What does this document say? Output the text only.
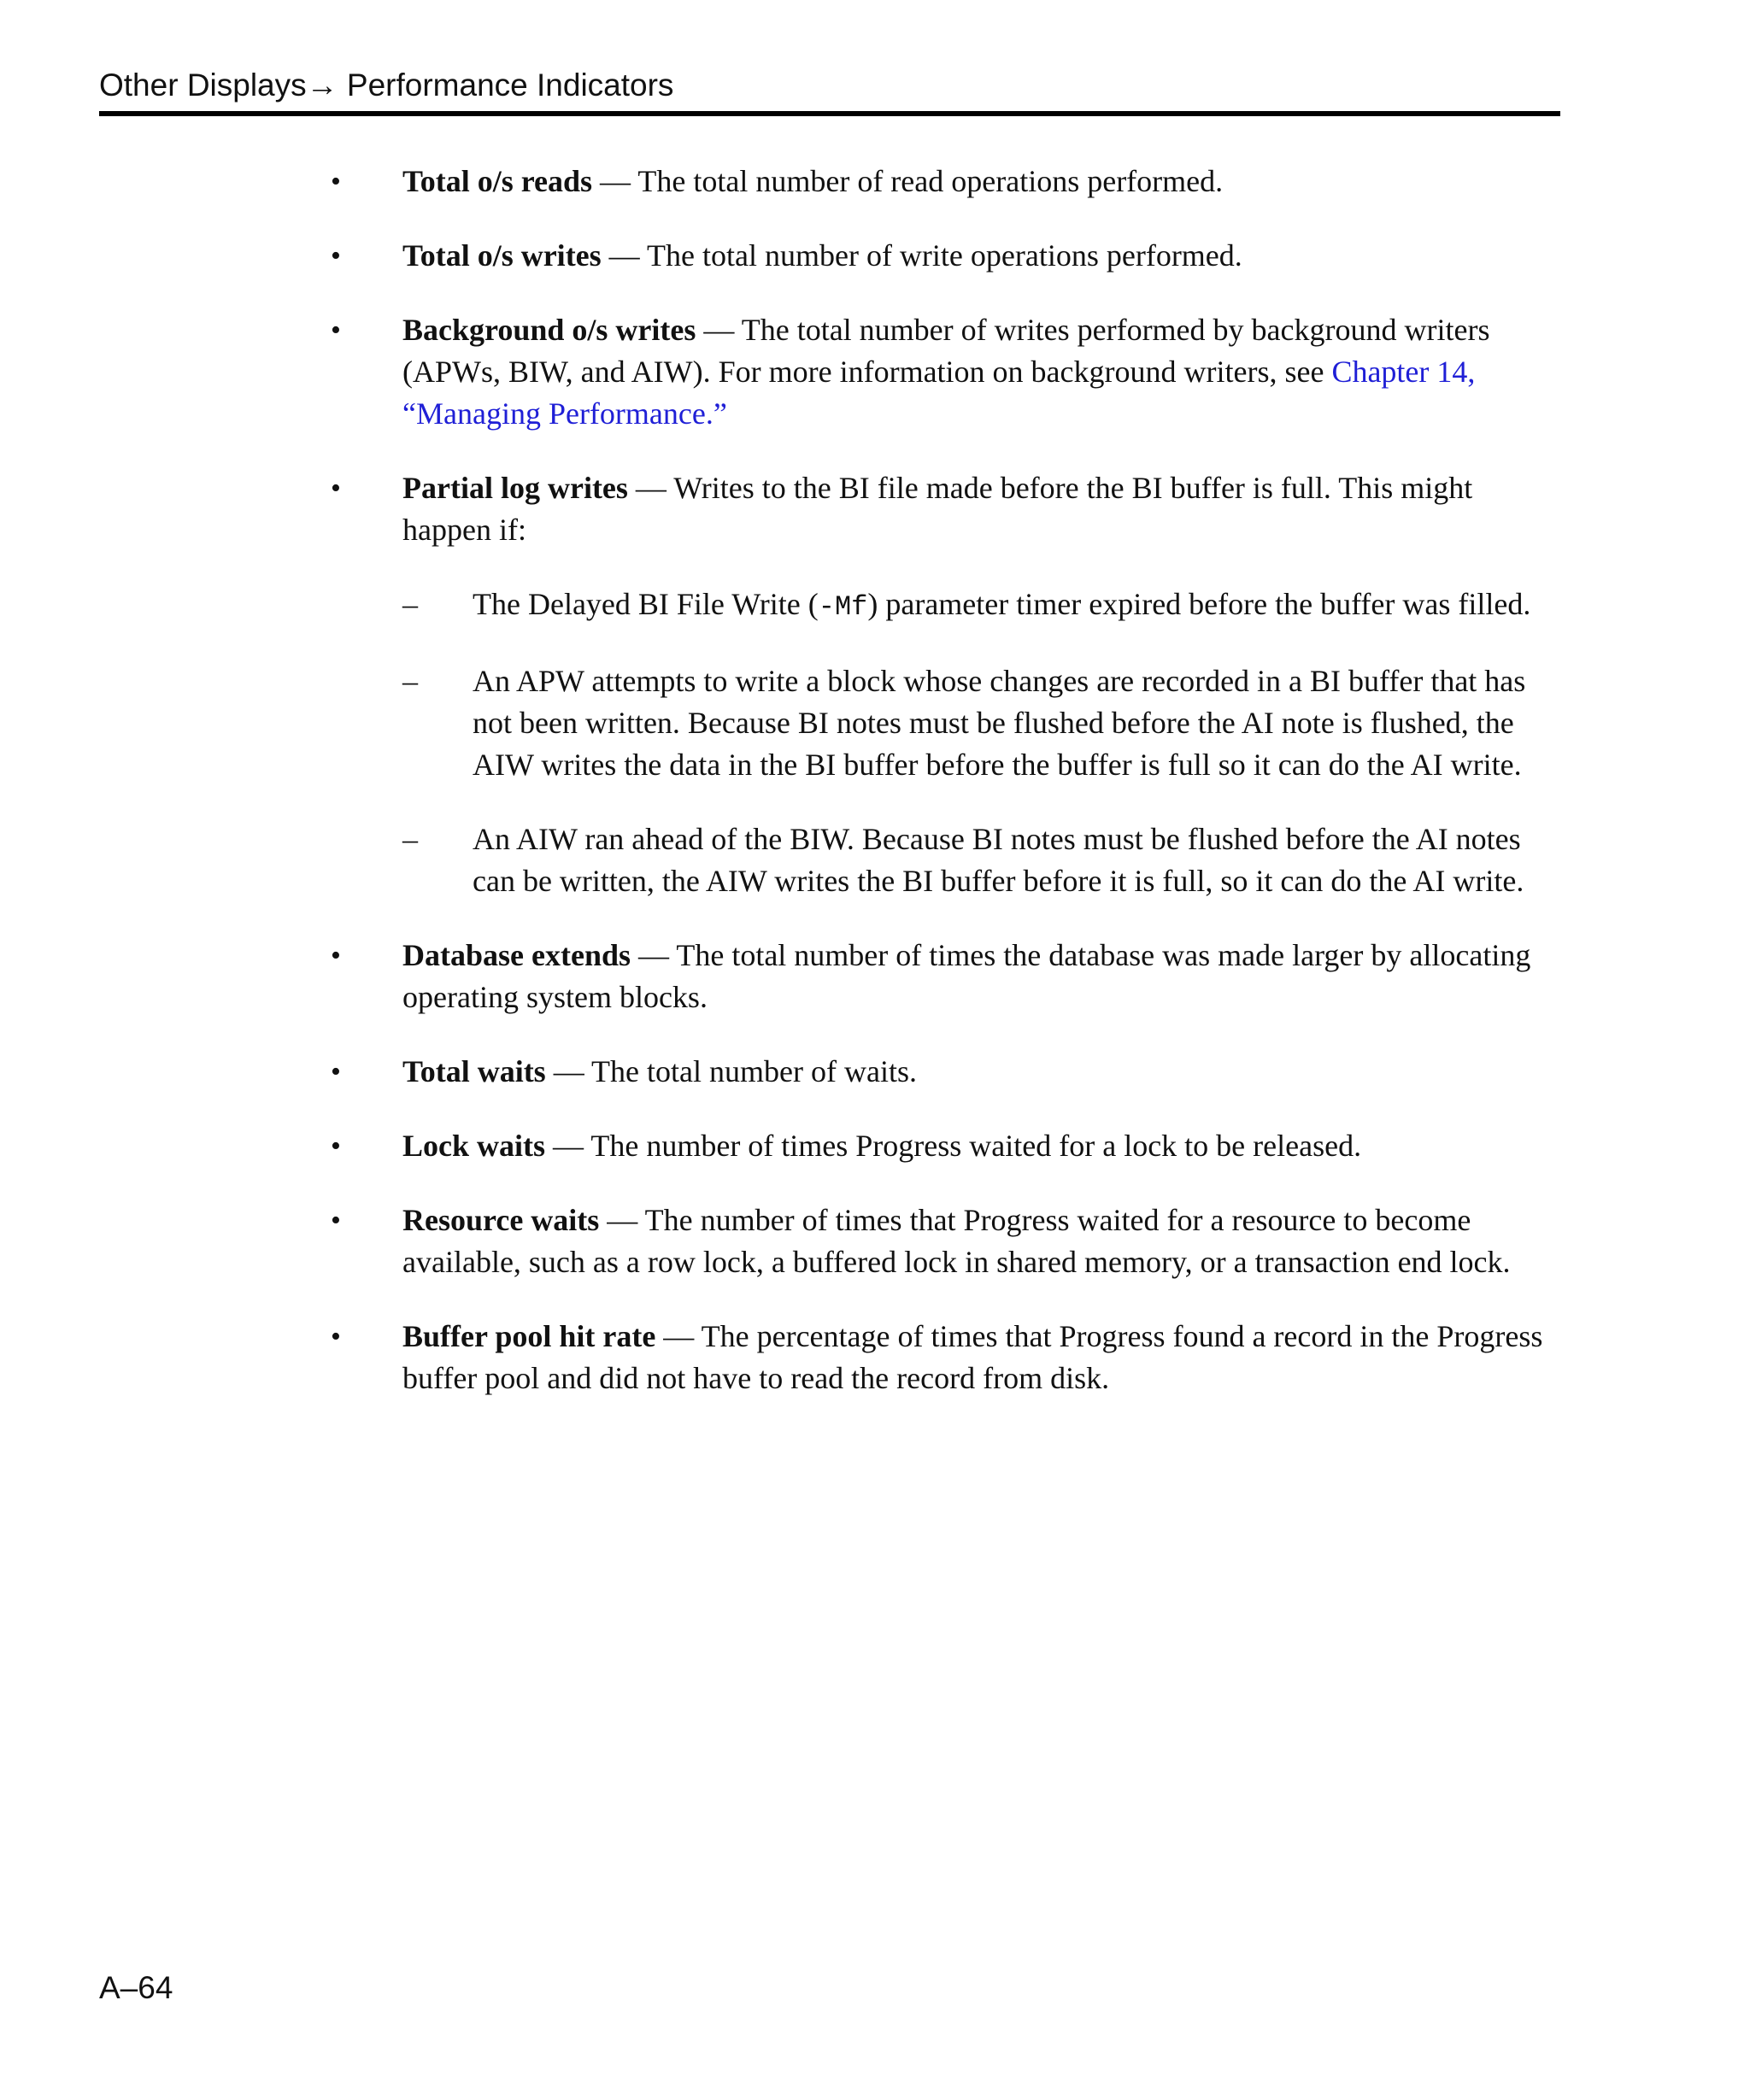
Other Displays→ Performance Indicators
• Total o/s reads — The total number of read operations performed.
• Total o/s writes — The total number of write operations performed.
• Background o/s writes — The total number of writes performed by background writers (APWs, BIW, and AIW). For more information on background writers, see Chapter 14, “Managing Performance.”
• Partial log writes — Writes to the BI file made before the BI buffer is full. This might happen if:
– The Delayed BI File Write (-Mf) parameter timer expired before the buffer was filled.
– An APW attempts to write a block whose changes are recorded in a BI buffer that has not been written. Because BI notes must be flushed before the AI note is flushed, the AIW writes the data in the BI buffer before the buffer is full so it can do the AI write.
– An AIW ran ahead of the BIW. Because BI notes must be flushed before the AI notes can be written, the AIW writes the BI buffer before it is full, so it can do the AI write.
• Database extends — The total number of times the database was made larger by allocating operating system blocks.
• Total waits — The total number of waits.
• Lock waits — The number of times Progress waited for a lock to be released.
• Resource waits — The number of times that Progress waited for a resource to become available, such as a row lock, a buffered lock in shared memory, or a transaction end lock.
• Buffer pool hit rate — The percentage of times that Progress found a record in the Progress buffer pool and did not have to read the record from disk.
A–64
